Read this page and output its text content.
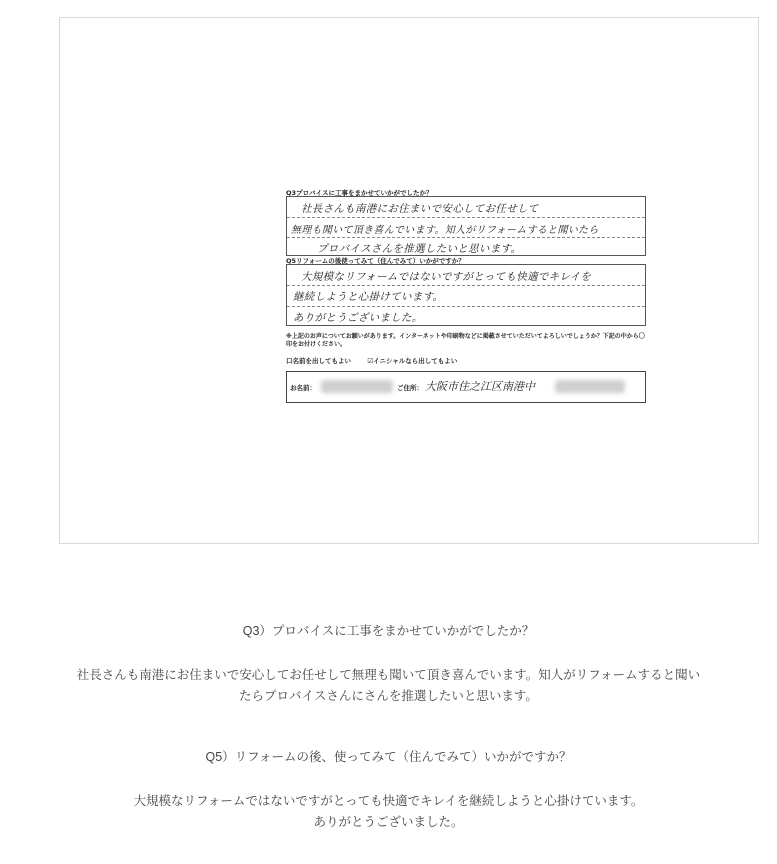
Q3プロバイスに工事をまかせていかがでしたか？
社長さんも南港にお住まいで安心してお任せして
無理も聞いて頂き喜んでいます。知人がリフォームすると聞いたら
プロバイスさんを推選したいと思います。
Q5リフォームの後使ってみて（住んでみて）いかがですか？
大規模なリフォームではないですがとっても快適でキレイを
継続しようと心掛けています。
ありがとうございました。
※上記のお声についてお願いがあります。インターネットや印刷物などに掲載させていただいてよろしいでしょうか？下記の中から〇印をお付けください。
口名前を出してもよい	☑イニシャルなら出してもよい
お名前：	ご住所： 大阪市住之江区南港中
Q3）プロバイスに工事をまかせていかがでしたか？
社長さんも南港にお住まいで安心してお任せして無理も聞いて頂き喜んでいます。知人がリフォームすると聞い
たらプロバイスさんにさんを推選したいと思います。
Q5）リフォームの後、使ってみて（住んでみて）いかがですか？
大規模なリフォームではないですがとっても快適でキレイを継続しようと心掛けています。
ありがとうございました。
